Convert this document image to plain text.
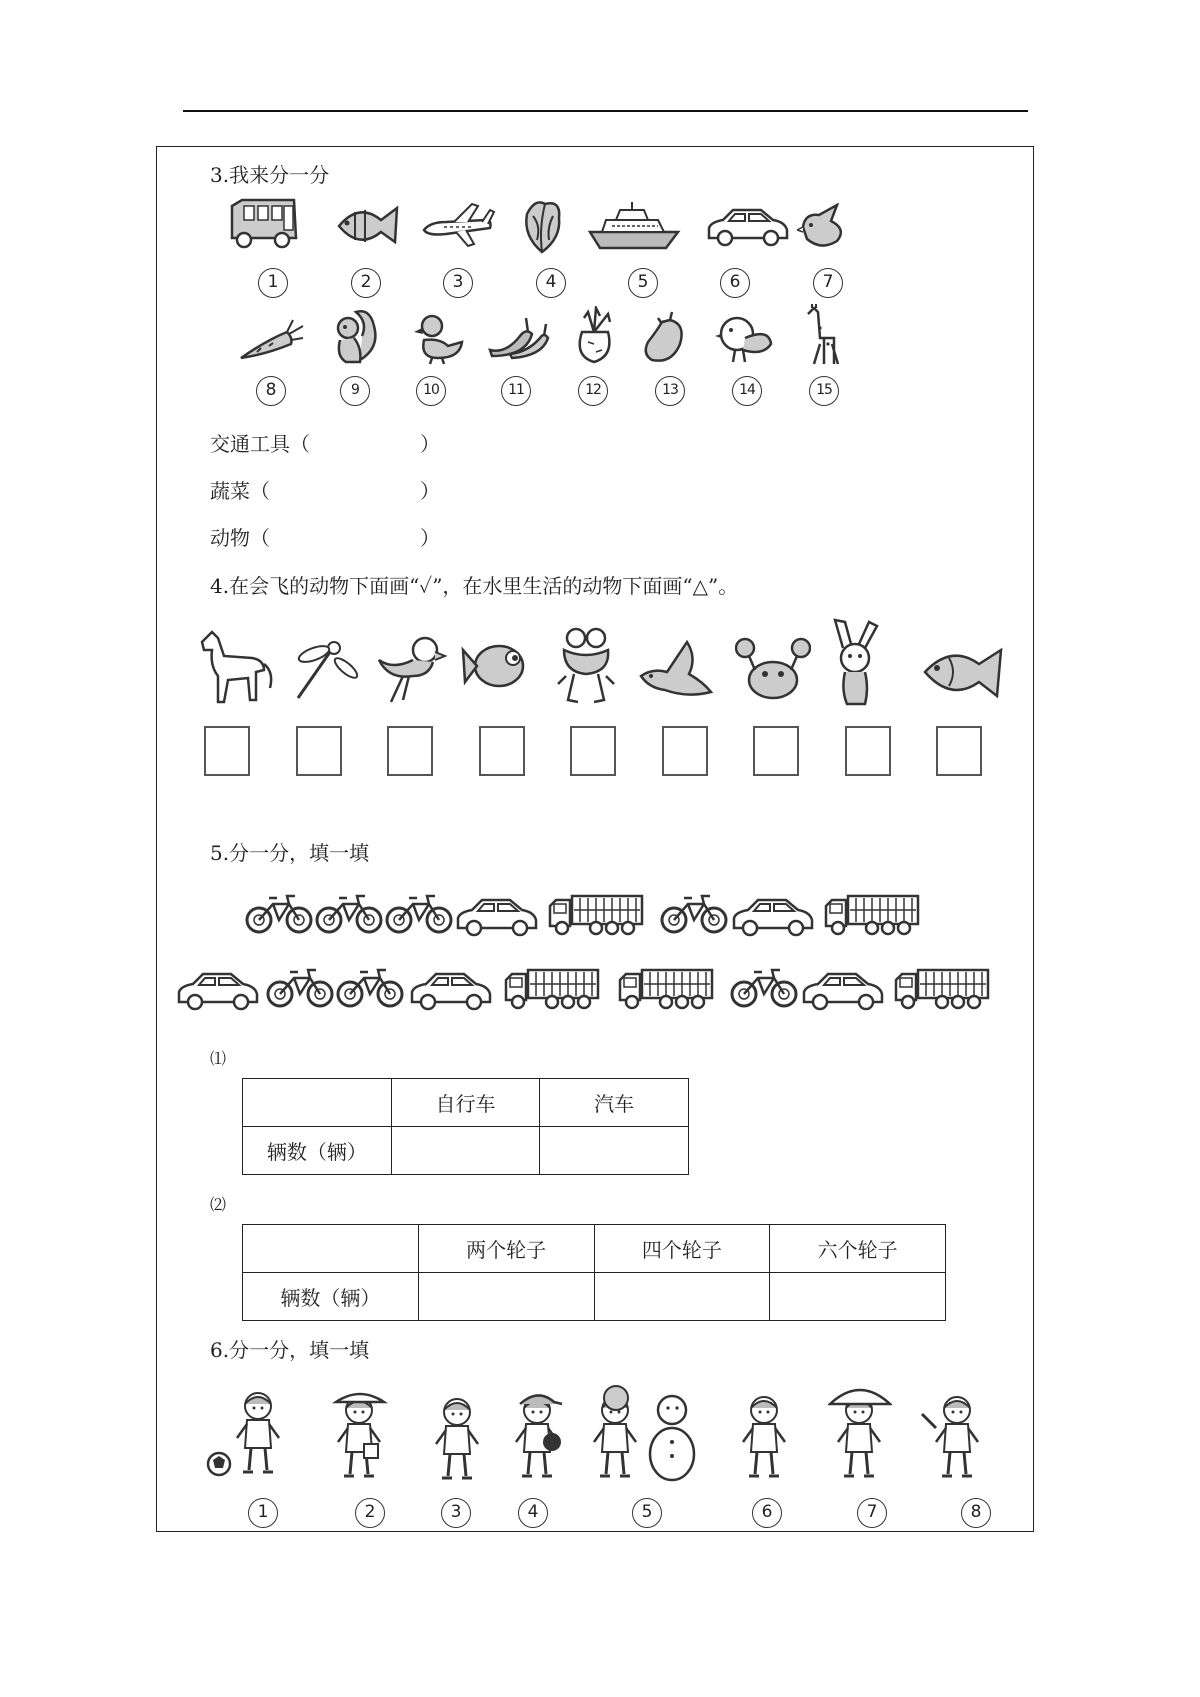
3.我来分一分
1	2	3	4	5	6	7
8	9	10	11	12	13	14	15
交通工具（	）
蔬菜（	）
动物（	）
4.在会飞的动物下面画“✓”，在水里生活的动物下面画“△”。
5.分一分，填一填
⑴
	自行车	汽车
辆数（辆）		
⑵
	两个轮子	四个轮子	六个轮子
辆数（辆）			
6.分一分，填一填
1	2	3	4	5	6	7	8
